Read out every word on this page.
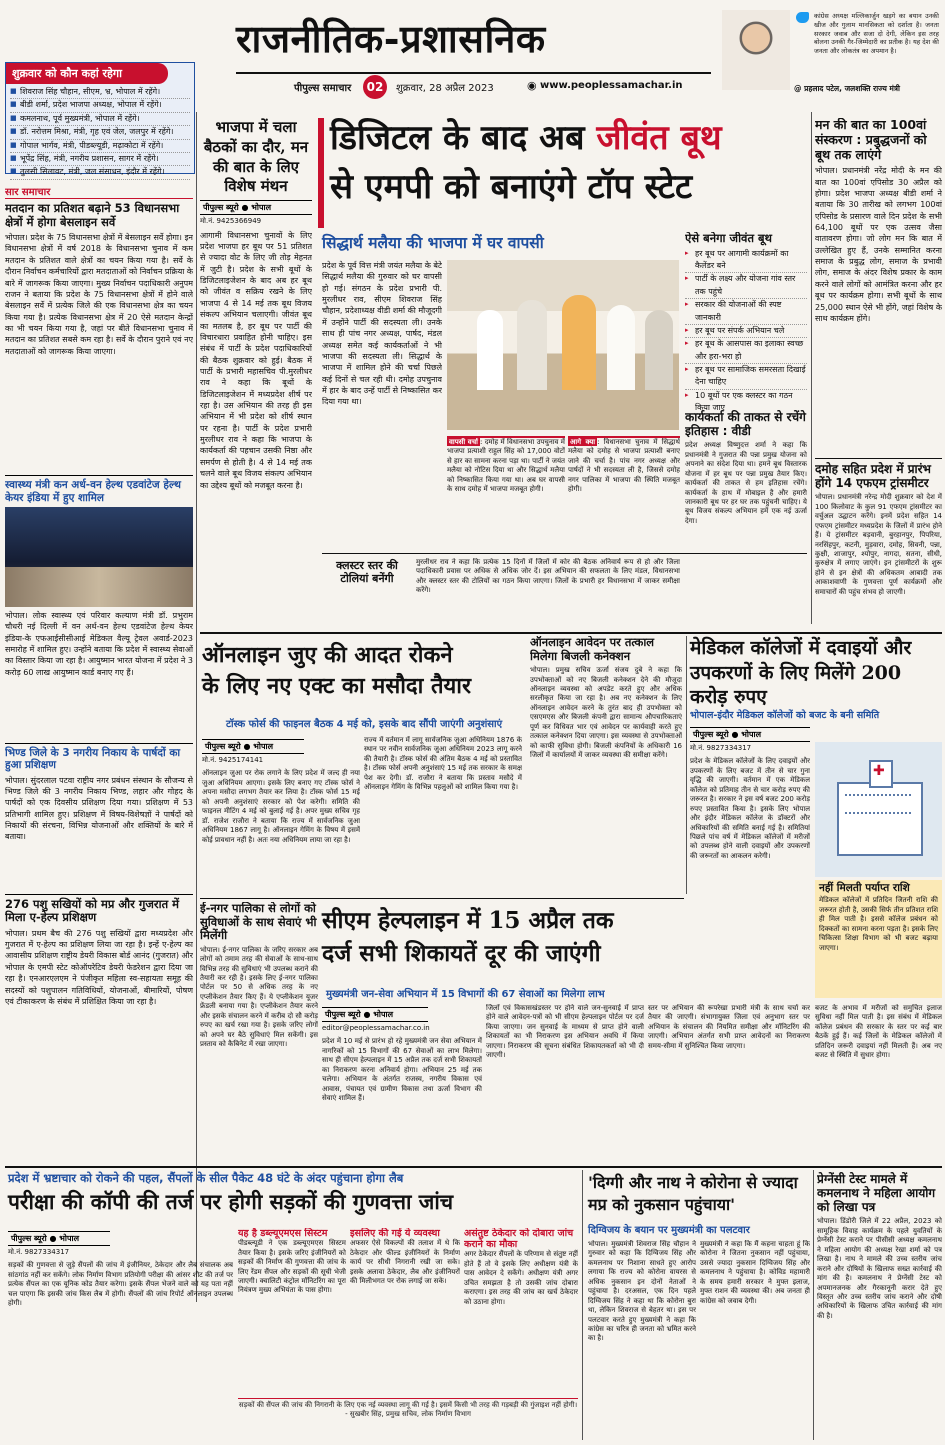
राजनीतिक-प्रशासनिक
पीपुल्स समाचार	02	शुक्रवार, 28 अप्रैल 2023	◉ www.peoplessamachar.in

कांग्रेस अध्यक्ष मल्लिकार्जुन खड़गे का बयान उनकी खीज और गुलाम मानसिकता को दर्शाता है। जनता सरकार जवाब और सजा दो देगी, लेकिन इस तरह बोलना उनकी गैर-जिम्मेदारी का प्रतीक है। यह देश की जनता और लोकतंत्र का अपमान है।

@ प्रहलाद पटेल, जलशक्ति राज्य मंत्री
शुक्रवार को कौन कहां रहेगा
■ शिवराज सिंह चौहान, सीएम, भ्र, भोपाल में रहेंगे।
■ बीडी शर्मा, प्रदेश भाजपा अध्यक्ष, भोपाल में रहेंगे।
■ कमलनाथ, पूर्व मुख्यमंत्री, भोपाल में रहेंगे।
■ डॉ. नरोत्तम मिश्रा, मंत्री, गृह एवं जेल, जलपुर में रहेंगे।
■ गोपाल भार्गव, मंत्री, पीडब्ल्यूडी, मढ़ाकोटा में रहेंगे।
■ भूपेंद्र सिंह, मंत्री, नगरीय प्रशासन, सागर में रहेंगे।
■ तुलसी सिलावट, मंत्री, जल संसाधन, इंदौर में रहेंगे।
सार समाचार
मतदान का प्रतिशत बढ़ाने 53 विधानसभा क्षेत्रों में होगा बेसलाइन सर्वे

भोपाल। प्रदेश के 75 विधानसभा क्षेत्रों में बेसलाइन सर्वे होगा। इन विधानसभा क्षेत्रों में वर्ष 2018 के विधानसभा चुनाव में कम मतदान के प्रतिशत वाले क्षेत्रों का चयन किया गया है। सर्वे के दौरान निर्वाचन कर्मचारियों द्वारा मतदाताओं को निर्वाचन प्रक्रिया के बारे में जागरूक किया जाएगा। मुख्य निर्वाचन पदाधिकारी अनुपम राजन ने बताया कि प्रदेश के 75 विधानसभा क्षेत्रों में होने वाले बेसलाइन सर्वे में प्रत्येक जिले की एक विधानसभा क्षेत्र का चयन किया गया है। प्रत्येक विधानसभा क्षेत्र में 20 ऐसे मतदान केन्द्रों का भी चयन किया गया है, जहां पर बीते विधानसभा चुनाव में मतदान का प्रतिशत सबसे कम रहा है। सर्वे के दौरान पुराने एवं नए मतदाताओं को जागरूक किया जाएगा।

स्वास्थ्य मंत्री कन अर्ध-वन हेल्थ एडवांटेज हेल्थ केयर इंडिया में हुए शामिल

भोपाल। लोक स्वास्थ्य एवं परिवार कल्याण मंत्री डॉ. प्रभुराम चौधरी नई दिल्ली में वन अर्थ-वन हेल्थ एडवांटेज हेल्थ केयर इंडिया-के एफआईसीसीआई मेडिकल वैल्यू ट्रेवल अवार्ड-2023 समारोह में शामिल हुए। उन्होंने बताया कि प्रदेश में स्वास्थ्य सेवाओं का विस्तार किया जा रहा है। आयुष्मान भारत योजना में प्रदेश ने 3 करोड़ 60 लाख आयुष्मान कार्ड बनाए गए हैं।

भिण्ड जिले के 3 नगरीय निकाय के पार्षदों का हुआ प्रशिक्षण

भोपाल। सुंदरलाल पटवा राष्ट्रीय नगर प्रबंधन संस्थान के सौजन्य से भिण्ड जिले की 3 नगरीय निकाय भिण्ड, लहार और गोहद के पार्षदों को एक दिवसीय प्रशिक्षण दिया गया। प्रशिक्षण में 53 प्रतिभागी शामिल हुए। प्रशिक्षण में विषय-विशेषज्ञों ने पार्षदों को निकायों की संरचना, विभिन्न योजनाओं और शक्तियों के बारे में बताया।

276 पशु सखियों को मप्र और गुजरात में मिला ए-हेल्प प्रशिक्षण

भोपाल। प्रथम बैच की 276 पशु सखियों द्वारा मध्यप्रदेश और गुजरात में ए-हेल्प का प्रशिक्षण लिया जा रहा है। इन्हें ए-हेल्प का आवासीय प्रशिक्षण राष्ट्रीय डेयरी विकास बोर्ड आनंद (गुजरात) और भोपाल के एमपी स्टेट कोऑपरेटिव डेयरी फेडरेशन द्वारा दिया जा रहा है। एनआरएलएम ने पंजीकृत महिला स्व-सहायता समूह की सदस्यों को पशुपालन गतिविधियों, योजनाओं, बीमारियों, पोषण एवं टीकाकरण के संबंध में प्रशिक्षित किया जा रहा है।

भाजपा में चला बैठकों का दौर, मन की बात के लिए विशेष मंथन
पीपुल्स ब्यूरो ● भोपाल
मो.नं. 9425366949

आगामी विधानसभा चुनावों के लिए प्रदेश भाजपा हर बूथ पर 51 प्रतिशत से ज्यादा वोट के लिए जी तोड़ मेहनत में जुटी है। प्रदेश के सभी बूथों के डिजिटलाइजेशन के बाद अब हर बूथ को जीवंत व सक्रिय रखने के लिए भाजपा 4 से 14 मई तक बूथ विजय संकल्प अभियान चलाएगी। जीवंत बूथ का मतलब है, हर बूथ पर पार्टी की विचारधारा प्रवाहित होनी चाहिए। इस संबंध में पार्टी के प्रदेश पदाधिकारियों की बैठक शुक्रवार को हुई। बैठक में पार्टी के प्रभारी महासचिव पी.मुरलीधर राव ने कहा कि बूथों के डिजिटलाइजेशन में मध्यप्रदेश शीर्ष पर रहा है। उस अभियान की तरह ही इस अभियान में भी प्रदेश को शीर्ष स्थान पर रहना है। पार्टी के प्रदेश प्रभारी मुरलीधर राव ने कहा कि भाजपा के कार्यकर्ता की पहचान उसकी निष्ठा और समर्पण से होती है। 4 से 14 मई तक चलने वाले बूथ विजय संकल्प अभियान का उद्देश्य बूथों को मजबूत करना है।

डिजिटल के बाद अब जीवंत बूथ
से एमपी को बनाएंगे टॉप स्टेट
सिद्धार्थ मलैया की भाजपा में घर वापसी

प्रदेश के पूर्व वित्त मंत्री जयंत मलैया के बेटे सिद्धार्थ मलैया की गुरुवार को घर वापसी हो गई। संगठन के प्रदेश प्रभारी पी. मुरलीधर राव, सीएम शिवराज सिंह चौहान, प्रदेशाध्यक्ष वीडी शर्मा की मौजूदगी में उन्होंने पार्टी की सदस्यता ली। उनके साथ ही पांच नगर अध्यक्ष, पार्षद, मंडल अध्यक्ष समेत कई कार्यकर्ताओं ने भी भाजपा की सदस्यता ली। सिद्धार्थ के भाजपा में शामिल होने की चर्चा पिछले कई दिनों से चल रही थी। दमोह उपचुनाव में हार के बाद उन्हें पार्टी से निष्कासित कर दिया गया था।

वापसी वर्चा : दमोह में विधानसभा उपचुनाव में भाजपा प्रत्याशी राहुल सिंह को 17,000 वोटों से हार का सामना करना पड़ा था। पार्टी ने जयंत मलैया को नोटिस दिया था और सिद्धार्थ मलैया को निष्कासित किया गया था। अब घर वापसी के साथ दमोह में भाजपा मजबूत होगी।

आगे क्या : विधानसभा चुनाव में सिद्धार्थ मलैया को दमोह से भाजपा प्रत्याशी बनाए जाने की चर्चा है। पांच नगर अध्यक्ष और पार्षदों ने भी सदस्यता ली है, जिससे दमोह नगर पालिका में भाजपा की स्थिति मजबूत होगी।

क्लस्टर स्तर की टोलियां बनेंगी

मुरलीधर राव ने कहा कि प्रत्येक 15 दिनों में जिलों में कोर की बैठक अनिवार्य रूप से हो और जिला पदाधिकारी प्रवास पर अधिक से अधिक जोर दें। इस अभियान की सफलता के लिए मंडल, विधानसभा और क्लस्टर स्तर की टोलियों का गठन किया जाएगा। जिलों के प्रभारी हर विधानसभा में जाकर समीक्षा करेंगे।

ऐसे बनेगा जीवंत बूथ
▸ हर बूथ पर आगामी कार्यक्रमों का कैलेंडर बने
▸ पार्टी के लक्ष्य और योजना गांव स्तर तक पहुंचे
▸ सरकार की योजनाओं की स्पष्ट जानकारी
▸ हर बूथ पर संपर्क अभियान चले
▸ हर बूथ के आसपास का इलाका स्वच्छ और हरा-भरा हो
▸ हर बूथ पर सामाजिक समरसता दिखाई देना चाहिए
▸ 10 बूथों पर एक क्लस्टर का गठन किया जाए
कार्यकर्ता की ताकत से रचेंगे इतिहास : वीडी

प्रदेश अध्यक्ष विष्णुदत्त शर्मा ने कहा कि प्रधानमंत्री ने गुजरात की पन्ना प्रमुख योजना को अपनाने का संदेश दिया था। हमने बूथ विस्तारक योजना में हर बूथ पर पन्ना प्रमुख तैयार किए। कार्यकर्ता की ताकत से हम इतिहास रचेंगे। कार्यकर्ता के हाथ में मोबाइल है और हमारी जानकारी बूथ पर हर घर तक पहुंचनी चाहिए। ये बूथ विजय संकल्प अभियान हमें एक नई ऊर्जा देगा।

मन की बात का 100वां संस्करण : प्रबुद्धजनों को बूथ तक लाएंगे

भोपाल। प्रधानमंत्री नरेंद्र मोदी के मन की बात का 100वां एपिसोड 30 अप्रैल को होगा। प्रदेश भाजपा अध्यक्ष बीडी शर्मा ने बताया कि 30 तारीख को लगभग 100वां एपिसोड के प्रसारण वाले दिन प्रदेश के सभी 64,100 बूथों पर एक उत्सव जैसा वातावरण होगा। जो लोग मन कि बात में उल्लेखित हुए हैं, उनके सम्मानित करना समाज के प्रबुद्ध लोग, समाज के प्रभावी लोग, समाज के अंदर विशेष प्रकार के काम करने वाले लोगों को आमंत्रित करना और हर बूथ पर कार्यक्रम होगा। सभी बूथों के साथ 25,000 स्थान ऐसे भी होंगे, जहां विशेष के साथ कार्यक्रम होंगे।

दमोह सहित प्रदेश में प्रारंभ होंगे 14 एफएम ट्रांसमीटर

भोपाल। प्रधानमंत्री नरेन्द्र मोदी शुक्रवार को देश में 100 किलोवाट के कुल 91 एफएम ट्रांसमीटर का वर्चुअल उद्घाटन करेंगे। इनमें प्रदेश सहित 14 एफएम ट्रांसमीटर मध्यप्रदेश के जिलों में प्रारंभ होने हैं। ये ट्रांसमीटर बड़वानी, बुरहानपुर, पिपरिया, नरसिंहपुर, कटनी, मुड़वारा, दमोह, सिवनी, पन्ना, कुक्षी, शाजापुर, श्योपुर, नागदा, सतना, सीधी, कुरुक्षेत्र में लगाए जाएंगे। इन ट्रांसमीटरों के शुरू होने से इन क्षेत्रों की अधिकतम आबादी तक आकाशवाणी के गुणवत्ता पूर्ण कार्यक्रमों और समाचारों की पहुंच संभव हो जाएगी।

ऑनलाइन जुए की आदत रोकने
के लिए नए एक्ट का मसौदा तैयार
टॉस्क फोर्स की फाइनल बैठक 4 मई को, इसके बाद सौंपी जाएंगी अनुशंसाएं
पीपुल्स ब्यूरो ● भोपाल
मो.नं. 9425174141

ऑनलाइन जुआ पर रोक लगाने के लिए प्रदेश में जल्द ही नया जुआ अधिनियम आएगा। इसके लिए बनाए गए टॉस्क फोर्स ने अपना मसौदा लगभग तैयार कर लिया है। टॉस्क फोर्स 15 मई को अपनी अनुशंसाएं सरकार को पेश करेगी। समिति की फाइनल मीटिंग 4 मई को बुलाई गई है। अपर मुख्य सचिव गृह डॉ. राजेश राजौरा ने बताया कि राज्य में सार्वजनिक जुआ अधिनियम 1867 लागू है। ऑनलाइन गेमिंग के विषय में इसमें कोई प्रावधान नहीं है। अतः नया अधिनियम लाया जा रहा है।

राज्य में वर्तमान में लागू सार्वजनिक जुआ अधिनियम 1876 के स्थान पर नवीन सार्वजनिक जुआ अधिनियम 2023 लागू करने की तैयारी है। टॉस्क फोर्स की अंतिम बैठक 4 मई को प्रस्तावित है। टॉस्क फोर्स अपनी अनुशंसाएं 15 मई तक सरकार के समक्ष पेश कर देगी। डॉ. राजौरा ने बताया कि प्रस्ताव मसौदे में ऑनलाइन गेमिंग के विभिन्न पहलुओं को शामिल किया गया है।

ऑनलाइन आवेदन पर तत्काल मिलेगा बिजली कनेक्शन

भोपाल। प्रमुख सचिव ऊर्जा संजय दुबे ने कहा कि उपभोक्ताओं को नए बिजली कनेक्शन देने की मौजूदा ऑनलाइन व्यवस्था को अपडेट करते हुए और अधिक सरलीकृत किया जा रहा है। अब नए कनेक्शन के लिए ऑनलाइन आवेदन करने के तुरंत बाद ही उपभोक्ता को एसएमएस और बिजली कंपनी द्वारा सामान्य औपचारिकताएं पूर्ण कर विधिवत भार एवं आवेदन पर कार्यवाही करते हुए तत्काल कनेक्शन दिया जाएगा। इस व्यवस्था से उपभोक्ताओं को काफी सुविधा होगी। बिजली कंपनियों के अधिकारी 16 जिलों में कार्यालयों में जाकर व्यवस्था की समीक्षा करेंगे।

मेडिकल कॉलेजों में दवाइयों और उपकरणों के लिए मिलेंगे 200 करोड़ रुपए
भोपाल-इंदौर मेडिकल कॉलेजों को बजट के बनी समिति
पीपुल्स ब्यूरो ● भोपाल
मो.नं. 9827334317

प्रदेश के मेडिकल कॉलेजों के लिए दवाइयों और उपकरणों के लिए बजट में तीन से चार गुना वृद्धि की जाएगी। वर्तमान में एक मेडिकल कॉलेज को प्रतिमाह तीन से चार करोड़ रुपए की जरूरत है। सरकार ने इस वर्ष बजट 200 करोड़ रुपए प्रस्तावित किया है। इसके लिए भोपाल और इंदौर मेडिकल कॉलेज के डॉक्टरों और अधिकारियों की समिति बनाई गई है। समितियां पिछले पांच वर्ष में मेडिकल कॉलेजों में मरीजों को उपलब्ध होने वाली दवाइयों और उपकरणों की जरूरतों का आकलन करेगी।

✚
नहीं मिलती पर्याप्त राशि

मेडिकल कॉलेजों में प्रतिदिन जितनी राशि की जरूरत होती है, उसकी सिर्फ तीन प्रतिशत राशि ही मिल पाती है। इससे कॉलेज प्रबंधन को दिक्कतों का सामना करना पड़ता है। इसके लिए चिकित्सा शिक्षा विभाग को भी बजट बढ़ाया जाएगा।

बजट के अभाव में मरीजों को समुचित इलाज सुविधा नहीं मिल पाती है। इस संबंध में मेडिकल कॉलेज प्रबंधन की सरकार के स्तर पर कई बार बैठकें हुई हैं। कई जिलों के मेडिकल कॉलेजों में प्रतिदिन जरूरी दवाइयां नहीं मिलती हैं। अब नए बजट से स्थिति में सुधार होगा।

ई-नगर पालिका से लोगों को सुविधाओं के साथ सेवाएं भी मिलेंगी

भोपाल। ई-नगर पालिका के जरिए सरकार अब लोगों को तमाम तरह की सेवाओं के साथ-साथ विभिन्न तरह की सुविधाएं भी उपलब्ध कराने की तैयारी कर रही है। इसके लिए ई-नगर पालिका पोर्टल पर 50 से अधिक तरह के नए एप्लीकेशन तैयार किए हैं। ये एप्लीकेशन यूजर फ्रेंडली बनाया गया है। एप्लीकेशन तैयार करने और इसके संचालन करने में करीब दो सौ करोड़ रुपए का खर्च रखा गया है। इसके जरिए लोगों को अपने घर बैठे सुविधाएं मिल सकेंगी। इस प्रस्ताव को कैबिनेट में रखा जाएगा।

सीएम हेल्पलाइन में 15 अप्रैल तक
दर्ज सभी शिकायतें दूर की जाएंगी
मुख्यमंत्री जन-सेवा अभियान में 15 विभागों की 67 सेवाओं का मिलेगा लाभ
पीपुल्स ब्यूरो ● भोपाल
editor@peoplessamachar.co.in

प्रदेश में 10 मई से प्रारंभ हो रहे मुख्यमंत्री जन सेवा अभियान में नागरिकों को 15 विभागों की 67 सेवाओं का लाभ मिलेगा। साथ ही सीएम हेल्पलाइन में 15 अप्रैल तक दर्ज सभी शिकायतों का निराकरण करना अनिवार्य होगा। अभियान 25 मई तक चलेगा। अभियान के अंतर्गत राजस्व, नगरीय विकास एवं आवास, पंचायत एवं ग्रामीण विकास तथा ऊर्जा विभाग की सेवाएं शामिल हैं।

जिलों एवं विकासखंडस्तर पर होने वाले जन-सुनवाई में प्राप्त होने वाले आवेदन-पत्रों को भी सीएम हेल्पलाइन पोर्टल पर दर्ज किया जाएगा। जन सुनवाई के माध्यम से प्राप्त होने वाली शिकायतों का भी निराकरण इस अभियान अवधि में किया जाएगा। निराकरण की सूचना संबंधित शिकायतकर्ता को भी दी जाएगी।

स्तर पर अभियान की रूपरेखा प्रभारी मंत्री के साथ चर्चा कर तैयार की जाएगी। संभागायुक्त जिला एवं अनुभाग स्तर पर अभियान के संचालन की नियमित समीक्षा और मॉनिटरिंग की जाएगी। अभियान अंतर्गत सभी प्राप्त आवेदनों का निराकरण समय-सीमा में सुनिश्चित किया जाएगा।

प्रदेश में भ्रष्टाचार को रोकने की पहल, सैंपलों के सील पैकेट 48 घंटे के अंदर पहुंचाना होगा लैब
परीक्षा की कॉपी की तर्ज पर होगी सड़कों की गुणवत्ता जांच
पीपुल्स ब्यूरो ● भोपाल
मो.नं. 9827334317

सड़कों की गुणवत्ता से जुड़े सैंपलों की जांच में इंजीनियर, ठेकेदार और लैब संचालक अब सांठगांठ नहीं कर सकेंगे। लोक निर्माण विभाग प्रतियोगी परीक्षा की आंसर शीट की तर्ज पर प्रत्येक सैंपल का एक यूनिक कोड तैयार करेगा। इसके सैंपल भेजने वाले को यह पता नहीं चल पाएगा कि इसकी जांच किस लैब में होगी। सैंपलों की जांच रिपोर्ट ऑनलाइन उपलब्ध होगी।

यह है डब्ल्यूएमएस सिस्टम

पीडब्ल्यूडी ने एक डब्ल्यूएमएस सिस्टम तैयार किया है। इसके जरिए इंजीनियरों को सड़कों की निर्माण की गुणवत्ता की जांच के लिए रेंडम सैंपल और सड़कों की सूची भेजी जाएगी। क्वालिटी कंट्रोल मॉनिटरिंग का पूरा नियंत्रण मुख्य अभियंता के पास होगा।

इसलिए की गई ये व्यवस्था

अफसर ऐसे विकल्पों की तलाश में थे कि ठेकेदार और फील्ड इंजीनियरों के निर्माण कार्य पर सीधी निगरानी रखी जा सके। इसके अलावा ठेकेदार, लैब और इंजीनियरों की मिलीभगत पर रोक लगाई जा सके।

असंतुष्ट ठेकेदार को दोबारा जांच कराने का मौका

अगर ठेकेदार सैंपलों के परिणाम से संतुष्ट नहीं होते हैं तो वे इसके लिए अधीक्षण यंत्री के पास आवेदन दे सकेंगे। अधीक्षण यंत्री अगर उचित समझता है तो उसकी जांच दोबारा कराएगा। इस तरह की जांच का खर्च ठेकेदार को उठाना होगा।

सड़कों की सैंपल की जांच की निगरानी के लिए एक नई व्यवस्था लागू की गई है। इसमें किसी भी तरह की गड़बड़ी की गुंजाइश नहीं होगी। - सुखबीर सिंह, प्रमुख सचिव, लोक निर्माण विभाग

'दिग्गी और नाथ ने कोरोना से ज्यादा मप्र को नुकसान पहुंचाया'
दिग्विजय के बयान पर मुख्यमंत्री का पलटवार

भोपाल। मुख्यमंत्री शिवराज सिंह चौहान ने गुरुवार को कहा कि दिग्विजय सिंह और कमलनाथ पर निशाना साधते हुए आरोप लगाया कि राज्य को कोरोना वायरस से अधिक नुकसान इन दोनों नेताओं ने पहुंचाया है। दरअसल, एक दिन पहले दिग्विजय सिंह ने कहा था कि कोरोना बुरा था, लेकिन शिवराज से बेहतर था। इस पर पलटवार करते हुए मुख्यमंत्री ने कहा कि कांग्रेस का चरित्र ही जनता को भ्रमित करने का है।

मुख्यमंत्री ने कहा कि मैं कहना चाहता हूं कि कोरोना ने जितना नुकसान नहीं पहुंचाया, उससे ज्यादा नुकसान दिग्विजय सिंह और कमलनाथ ने पहुंचाया है। कोविड महामारी के समय हमारी सरकार ने मुफ्त इलाज, मुफ्त राशन की व्यवस्था की। अब जनता ही कांग्रेस को जवाब देगी।

प्रेग्नेंसी टेस्ट मामले में कमलनाथ ने महिला आयोग को लिखा पत्र

भोपाल। डिंडोरी जिले में 22 अप्रैल, 2023 को सामूहिक विवाह कार्यक्रम के पहले युवतियों के प्रेग्नेंसी टेस्ट कराने पर पीसीसी अध्यक्ष कमलनाथ ने महिला आयोग की अध्यक्ष रेखा शर्मा को पत्र लिखा है। नाथ ने मामले की उच्च स्तरीय जांच कराने और दोषियों के खिलाफ सख्त कार्रवाई की मांग की है। कमलनाथ ने प्रेग्नेंसी टेस्ट को अपमानजनक और गैरकानूनी करार देते हुए विस्तृत और उच्च स्तरीय जांच कराने और दोषी अधिकारियों के खिलाफ उचित कार्रवाई की मांग की है।
